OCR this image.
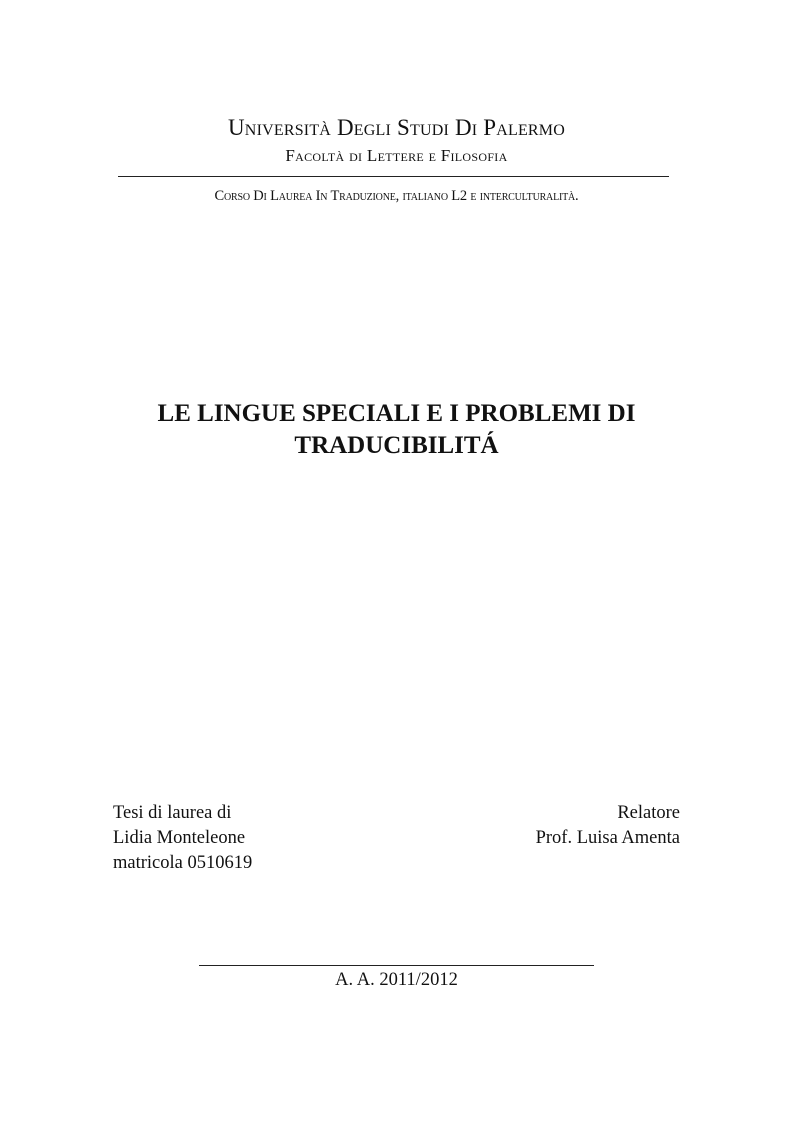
Università Degli Studi Di Palermo
Facoltà di Lettere e Filosofia
Corso Di Laurea In Traduzione, italiano L2 e interculturalità.
LE LINGUE SPECIALI E I PROBLEMI DI
TRADUCIBILITÁ
Tesi di laurea di
Lidia Monteleone
matricola 0510619
Relatore
Prof. Luisa Amenta
A. A. 2011/2012
